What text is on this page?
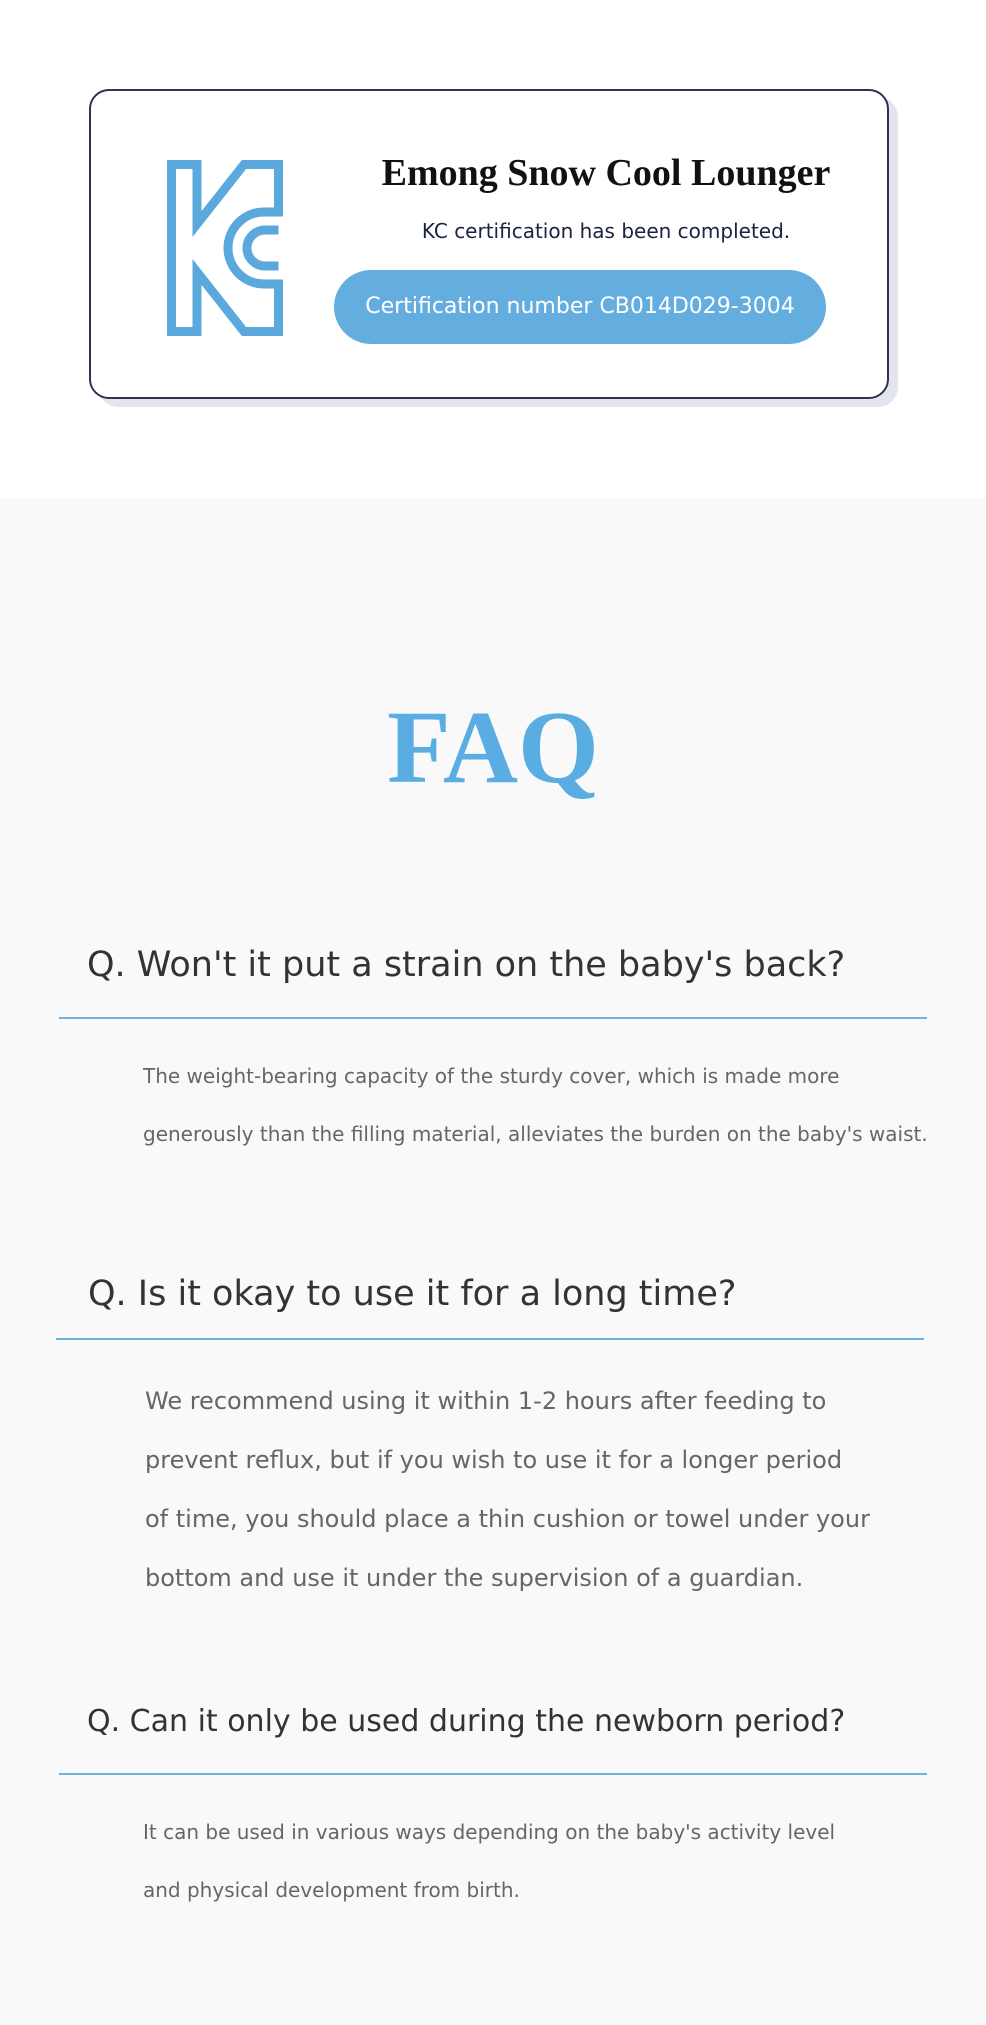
Emong Snow Cool Lounger
KC certification has been completed.
Certification number CB014D029-3004
FAQ
Q. Won't it put a strain on the baby's back?
The weight-bearing capacity of the sturdy cover, which is made more
generously than the filling material, alleviates the burden on the baby's waist.
Q. Is it okay to use it for a long time?
We recommend using it within 1-2 hours after feeding to
prevent reflux, but if you wish to use it for a longer period
of time, you should place a thin cushion or towel under your
bottom and use it under the supervision of a guardian.
Q. Can it only be used during the newborn period?
It can be used in various ways depending on the baby's activity level
and physical development from birth.
